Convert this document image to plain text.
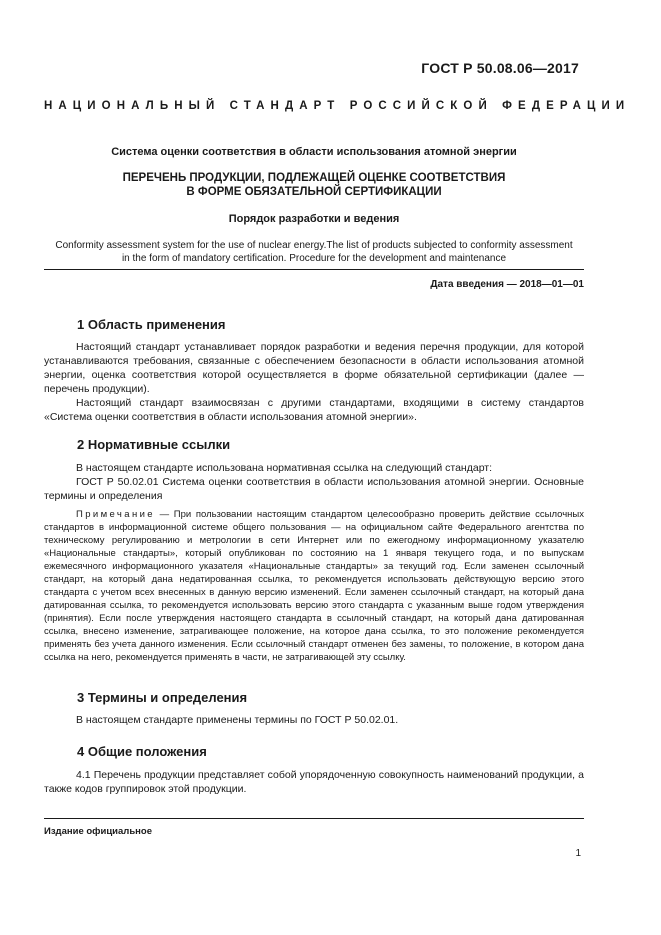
ГОСТ Р 50.08.06—2017
НАЦИОНАЛЬНЫЙ СТАНДАРТ РОССИЙСКОЙ ФЕДЕРАЦИИ
Система оценки соответствия в области использования атомной энергии
ПЕРЕЧЕНЬ ПРОДУКЦИИ, ПОДЛЕЖАЩЕЙ ОЦЕНКЕ СООТВЕТСТВИЯ
В ФОРМЕ ОБЯЗАТЕЛЬНОЙ СЕРТИФИКАЦИИ
Порядок разработки и ведения
Conformity assessment system for the use of nuclear energy.The list of products subjected to conformity assessment
in the form of mandatory certification. Procedure for the development and maintenance
Дата введения — 2018—01—01
1 Область применения

Настоящий стандарт устанавливает порядок разработки и ведения перечня продукции, для которой устанавливаются требования, связанные с обеспечением безопасности в области использования атомной энергии, оценка соответствия которой осуществляется в форме обязательной сертификации (далее — перечень продукции).

Настоящий стандарт взаимосвязан с другими стандартами, входящими в систему стандартов «Система оценки соответствия в области использования атомной энергии».

2 Нормативные ссылки

В настоящем стандарте использована нормативная ссылка на следующий стандарт:

ГОСТ Р 50.02.01 Система оценки соответствия в области использования атомной энергии. Основные термины и определения

Примечание — При пользовании настоящим стандартом целесообразно проверить действие ссылочных стандартов в информационной системе общего пользования — на официальном сайте Федерального агентства по техническому регулированию и метрологии в сети Интернет или по ежегодному информационному указателю «Национальные стандарты», который опубликован по состоянию на 1 января текущего года, и по выпускам ежемесячного информационного указателя «Национальные стандарты» за текущий год. Если заменен ссылочный стандарт, на который дана недатированная ссылка, то рекомендуется использовать действующую версию этого стандарта с учетом всех внесенных в данную версию изменений. Если заменен ссылочный стандарт, на который дана датированная ссылка, то рекомендуется использовать версию этого стандарта с указанным выше годом утверждения (принятия). Если после утверждения настоящего стандарта в ссылочный стандарт, на который дана датированная ссылка, внесено изменение, затрагивающее положение, на которое дана ссылка, то это положение рекомендуется применять без учета данного изменения. Если ссылочный стандарт отменен без замены, то положение, в котором дана ссылка на него, рекомендуется применять в части, не затрагивающей эту ссылку.

3 Термины и определения

В настоящем стандарте применены термины по ГОСТ Р 50.02.01.

4 Общие положения

4.1 Перечень продукции представляет собой упорядоченную совокупность наименований продукции, а также кодов группировок этой продукции.

Издание официальное
1
